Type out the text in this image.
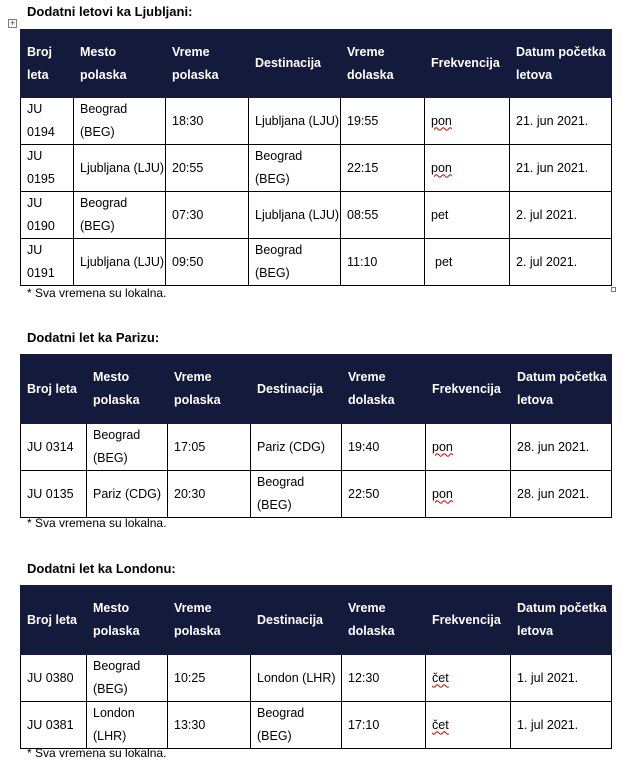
+
Dodatni letovi ka Ljubljani:
Broj leta	Mesto polaska	Vreme polaska	Destinacija	Vreme dolaska	Frekvencija	Datum početka letova
JU 0194	Beograd (BEG)	18:30	Ljubljana (LJU)	19:55	pon	21. jun 2021.
JU 0195	Ljubljana (LJU)	20:55	Beograd (BEG)	22:15	pon	21. jun 2021.
JU 0190	Beograd (BEG)	07:30	Ljubljana (LJU)	08:55	pet	2. jul 2021.
JU 0191	Ljubljana (LJU)	09:50	Beograd (BEG)	11:10	pet	2. jul 2021.
* Sva vremena su lokalna.
Dodatni let ka Parizu:
Broj leta	Mesto polaska	Vreme polaska	Destinacija	Vreme dolaska	Frekvencija	Datum početka letova
JU 0314	Beograd (BEG)	17:05	Pariz (CDG)	19:40	pon	28. jun 2021.
JU 0135	Pariz (CDG)	20:30	Beograd (BEG)	22:50	pon	28. jun 2021.
* Sva vremena su lokalna.
Dodatni let ka Londonu:
Broj leta	Mesto polaska	Vreme polaska	Destinacija	Vreme dolaska	Frekvencija	Datum početka letova
JU 0380	Beograd (BEG)	10:25	London (LHR)	12:30	čet	1. jul 2021.
JU 0381	London (LHR)	13:30	Beograd (BEG)	17:10	čet	1. jul 2021.
* Sva vremena su lokalna.
